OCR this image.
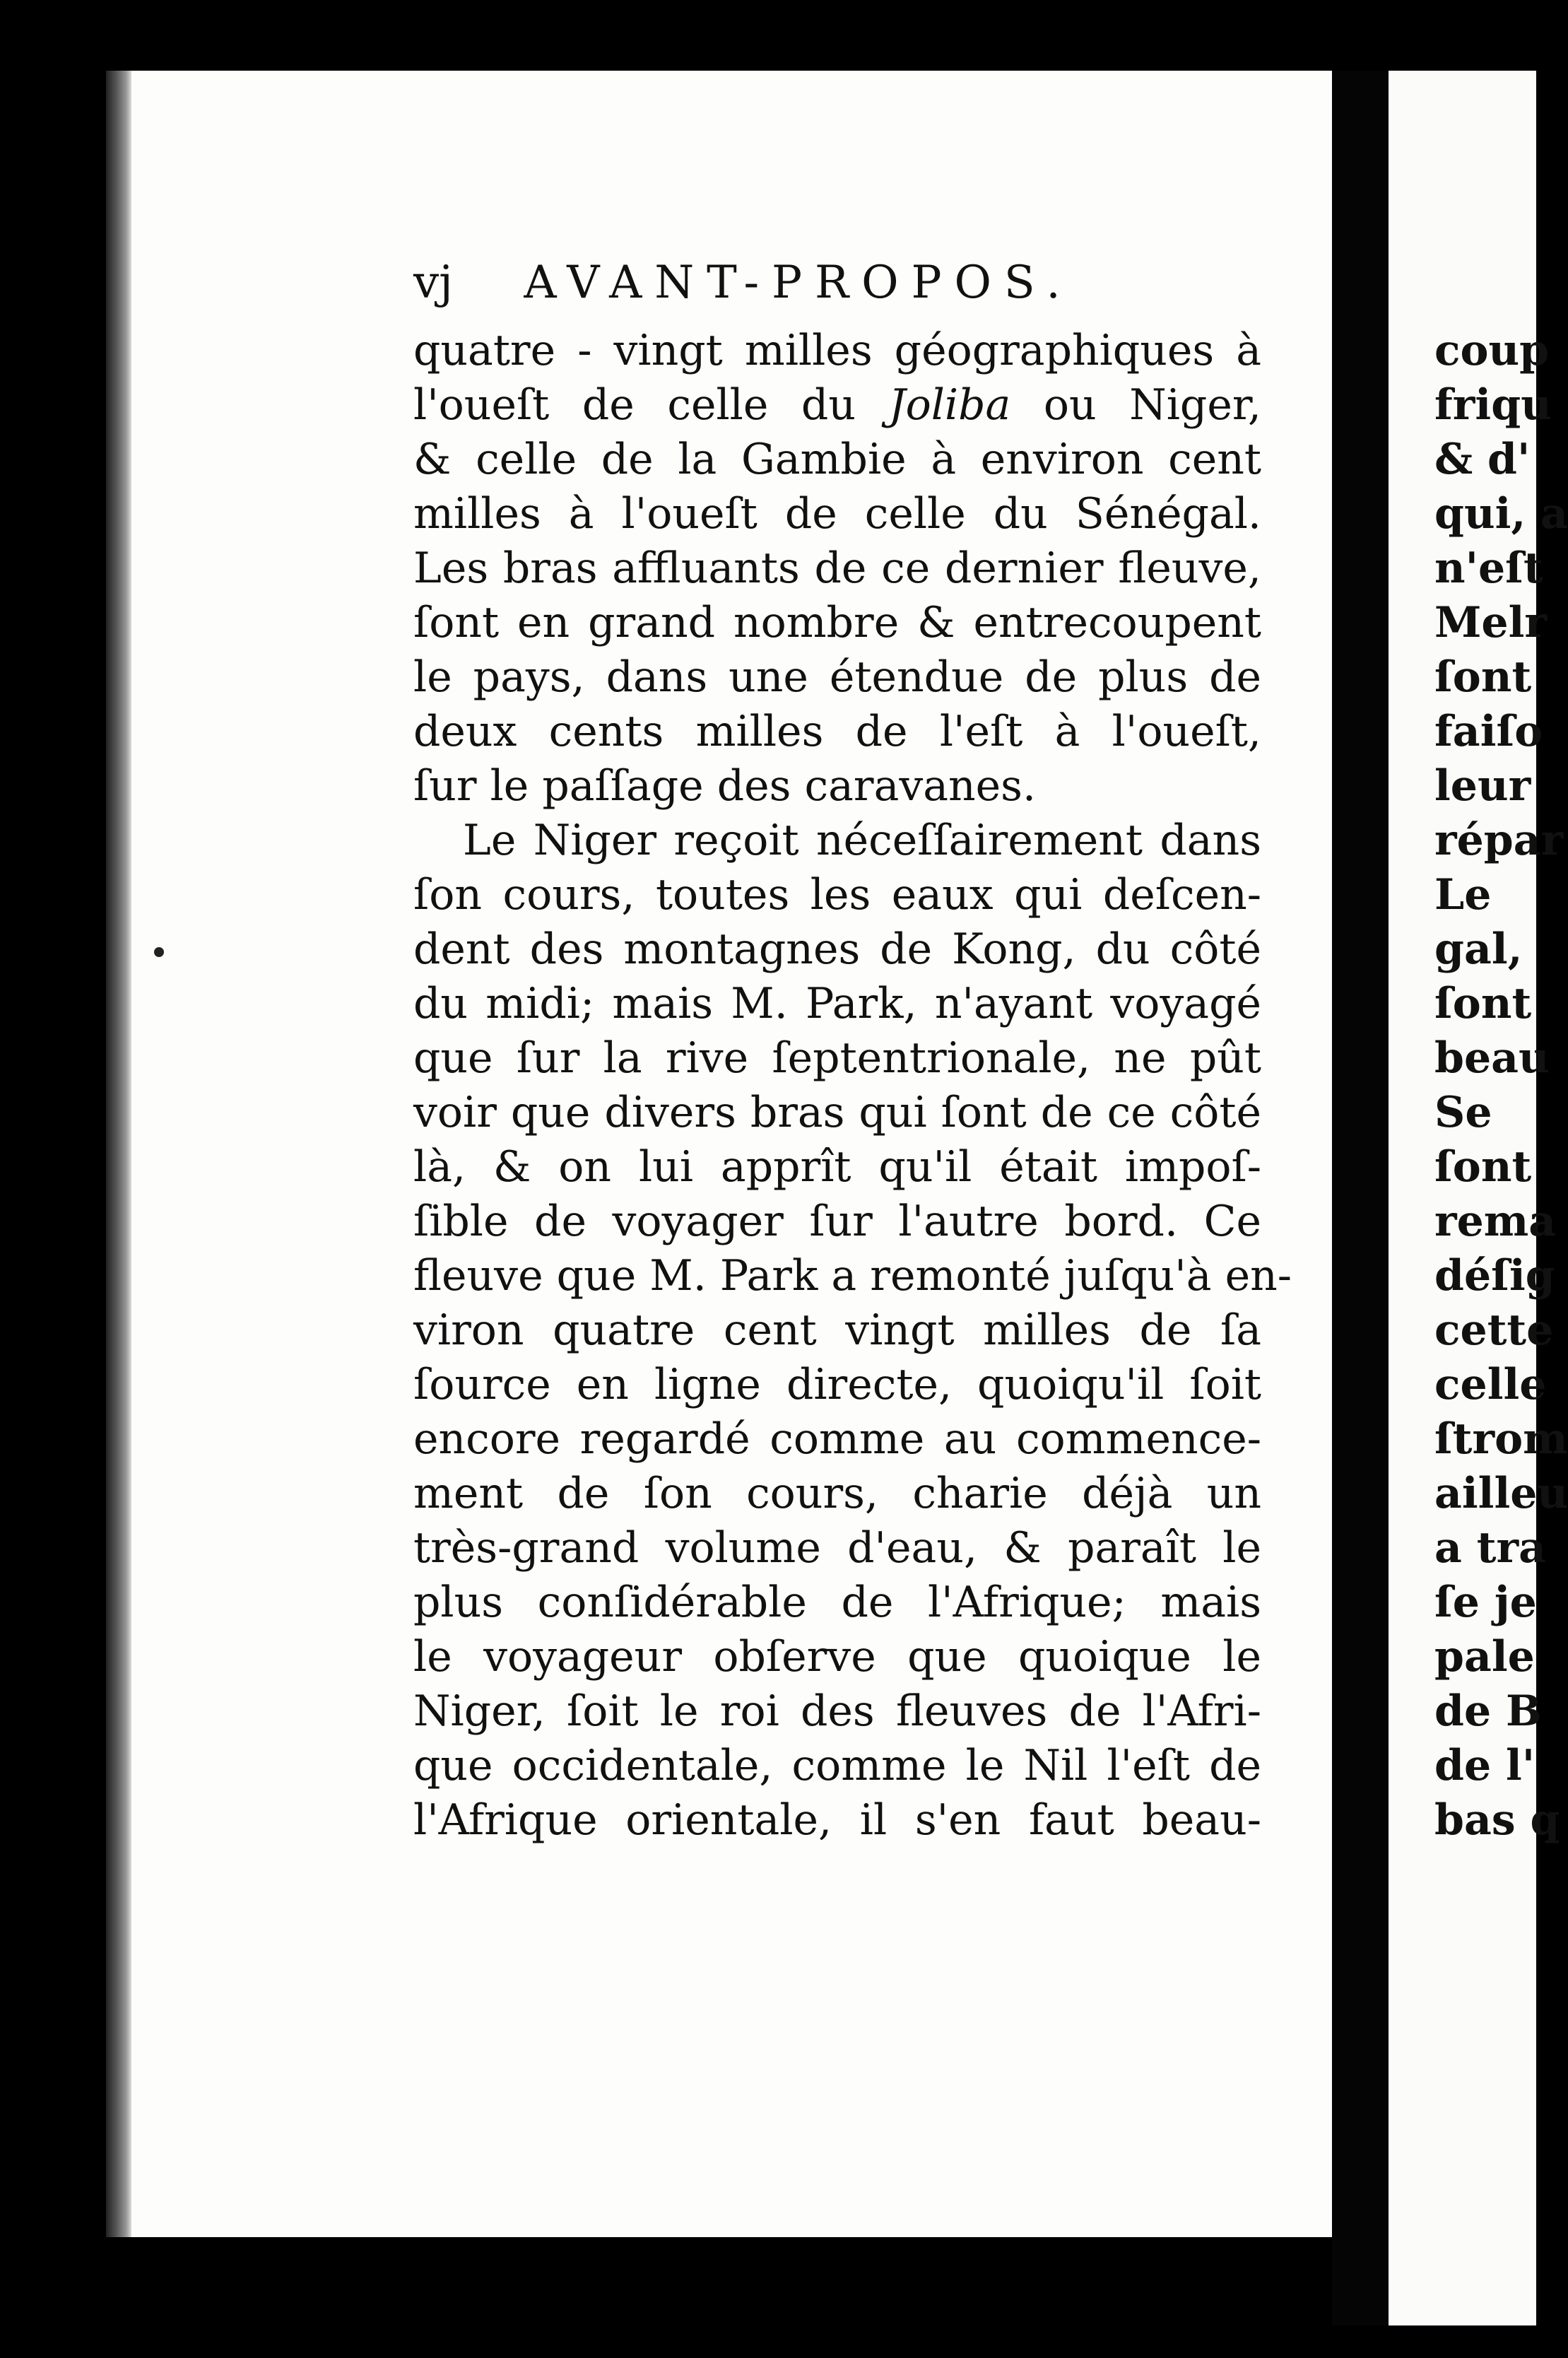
vj AVANT-PROPOS.
quatre - vingt milles géographiques à
l'oueſt de celle du Joliba ou Niger,
& celle de la Gambie à environ cent
milles à l'oueſt de celle du Sénégal.
Les bras affluants de ce dernier fleuve,
ſont en grand nombre & entrecoupent
le pays, dans une étendue de plus de
deux cents milles de l'eſt à l'oueſt,
ſur le paſſage des caravanes.
Le Niger reçoit néceſſairement dans
ſon cours, toutes les eaux qui deſcen-
dent des montagnes de Kong, du côté
du midi; mais M. Park, n'ayant voyagé
que ſur la rive ſeptentrionale, ne pût
voir que divers bras qui ſont de ce côté
là, & on lui apprît qu'il était impoſ-
ſible de voyager ſur l'autre bord. Ce
fleuve que M. Park a remonté juſqu'à en-
viron quatre cent vingt milles de ſa
ſource en ligne directe, quoiqu'il ſoit
encore regardé comme au commence-
ment de ſon cours, charie déjà un
très-grand volume d'eau, & paraît le
plus conſidérable de l'Afrique; mais
le voyageur obſerve que quoique le
Niger, ſoit le roi des fleuves de l'Afri-
que occidentale, comme le Nil l'eſt de
l'Afrique orientale, il s'en faut beau-
coup
friqu
& d'
qui, a
n'eſt
Melr
ſont
faiſo
leur
répar
Le
gal,
ſont
beau
Se
ſont
rema
déſig
cette
celle
ſtrom
ailleu
a tra
ſe je
pale
de B
de l'
bas q
